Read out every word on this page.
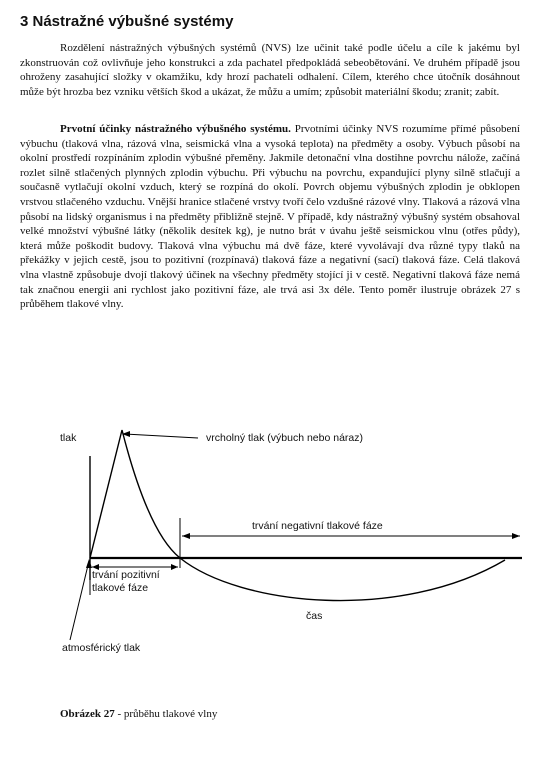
3 Nástražné výbušné systémy

Rozdělení nástražných výbušných systémů (NVS) lze učinit také podle účelu a cíle k jakému byl zkonstruován což ovlivňuje jeho konstrukci a zda pachatel předpokládá sebeobětování. Ve druhém případě jsou ohroženy zasahující složky v okamžiku, kdy hrozí pachateli odhalení. Cílem, kterého chce útočník dosáhnout může být hrozba bez vzniku větších škod a ukázat, že můžu a umím; způsobit materiální škodu; zranit; zabít.

Prvotní účinky nástražného výbušného systému. Prvotními účinky NVS rozumíme přímé působení výbuchu (tlaková vlna, rázová vlna, seismická vlna a vysoká teplota) na předměty a osoby. Výbuch působí na okolní prostředí rozpínáním zplodin výbušné přeměny. Jakmile detonační vlna dostihne povrchu nálože, začíná rozlet silně stlačených plynných zplodin výbuchu. Při výbuchu na povrchu, expandující plyny silně stlačují a současně vytlačují okolní vzduch, který se rozpíná do okolí. Povrch objemu výbušných zplodin je obklopen vrstvou stlačeného vzduchu. Vnější hranice stlačené vrstvy tvoří čelo vzdušné rázové vlny. Tlaková a rázová vlna působí na lidský organismus i na předměty přibližně stejně. V případě, kdy nástražný výbušný systém obsahoval velké množství výbušné látky (několik desítek kg), je nutno brát v úvahu ještě seismickou vlnu (otřes půdy), která může poškodit budovy. Tlaková vlna výbuchu má dvě fáze, které vyvolávají dva různé typy tlaků na překážky v jejich cestě, jsou to pozitivní (rozpínavá) tlaková fáze a negativní (sací) tlaková fáze. Celá tlaková vlna vlastně způsobuje dvojí tlakový účinek na všechny předměty stojící ji v cestě. Negativní tlaková fáze nemá tak značnou energii ani rychlost jako pozitivní fáze, ale trvá asi 3x déle. Tento poměr ilustruje obrázek 27 s průběhem tlakové vlny.

tlak	vrcholný tlak (výbuch nebo náraz)
trvání negativní tlakové fáze
trvání pozitivní
tlakové fáze
čas
atmosférický tlak
Obrázek 27 - průběhu tlakové vlny
